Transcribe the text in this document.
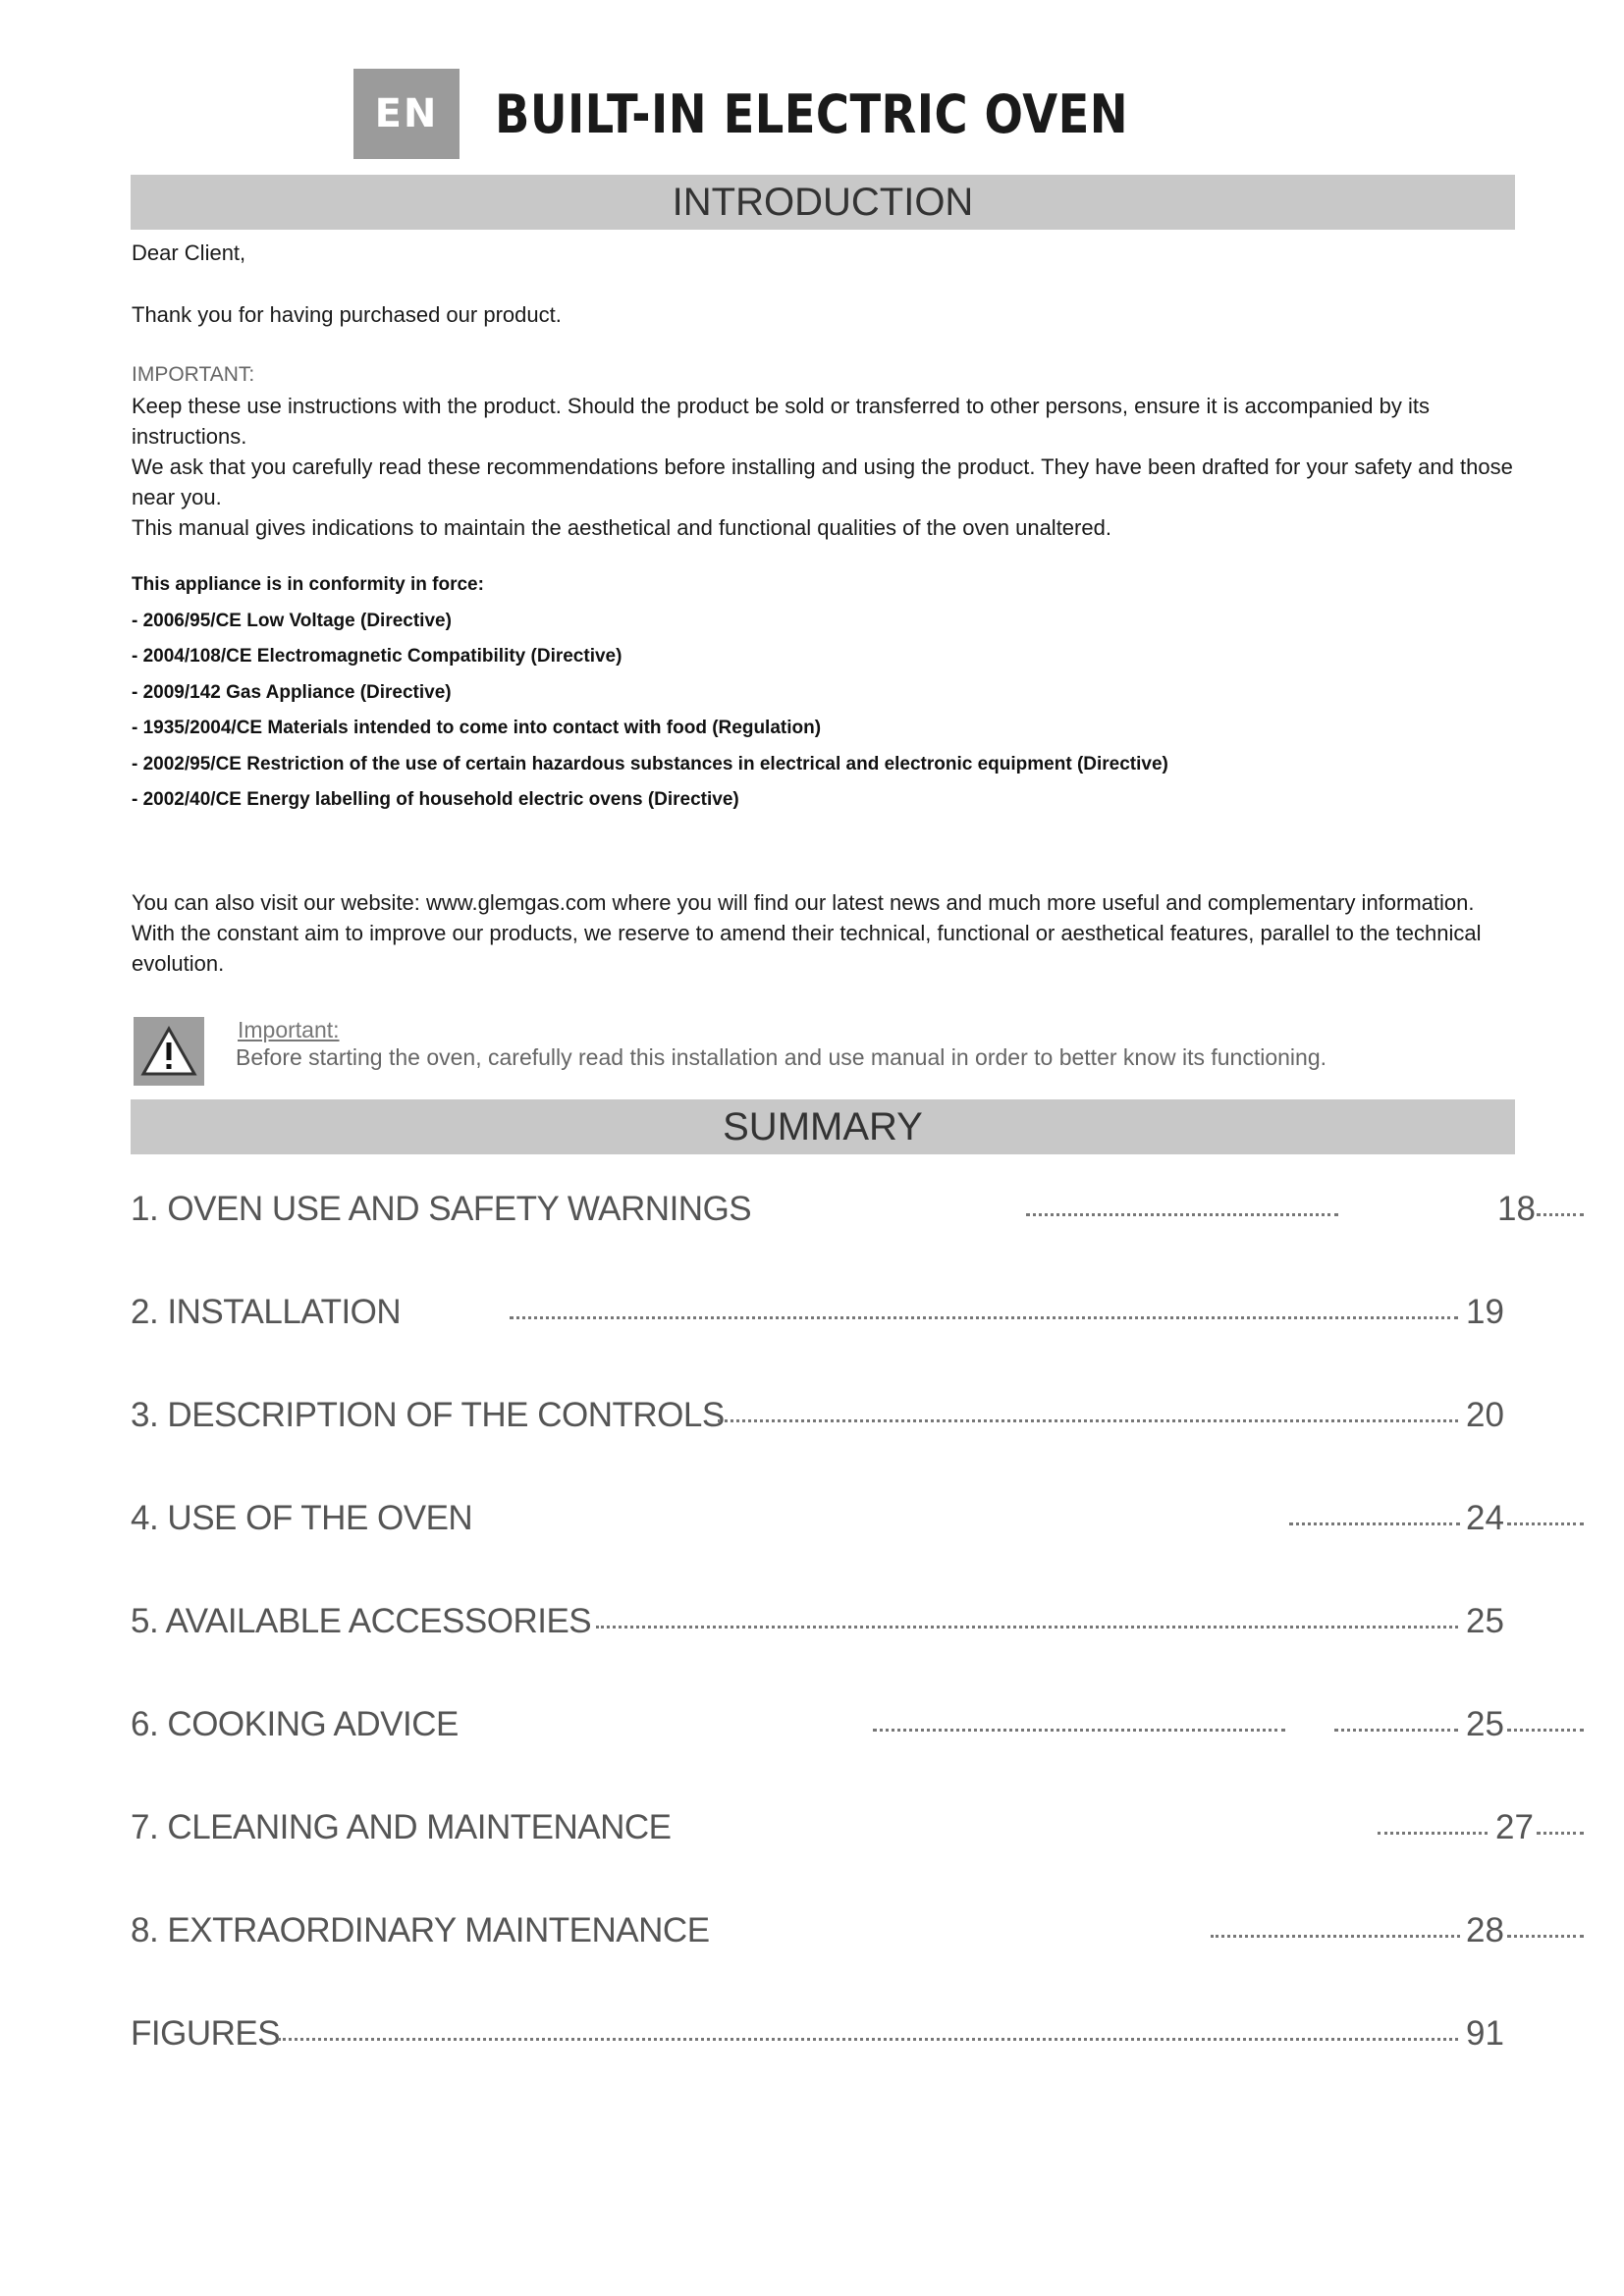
EN	BUILT-IN ELECTRIC OVEN
INTRODUCTION

Dear Client,

Thank you for having purchased our product.

IMPORTANT:

Keep these use instructions with the product. Should the product be sold or transferred to other persons, ensure it is accompanied by its instructions.

We ask that you carefully read these recommendations before installing and using the product. They have been drafted for your safety and those near you.

This manual gives indications to maintain the aesthetical and functional qualities of the oven unaltered.

This appliance is in conformity in force:
- 2006/95/CE Low Voltage (Directive)
- 2004/108/CE Electromagnetic Compatibility (Directive)
- 2009/142 Gas Appliance (Directive)
- 1935/2004/CE Materials intended to come into contact with food (Regulation)
- 2002/95/CE Restriction of the use of certain hazardous substances in electrical and electronic equipment (Directive)
- 2002/40/CE Energy labelling of household electric ovens (Directive)

You can also visit our website: www.glemgas.com where you will find our latest news and much more useful and complementary information. With the constant aim to improve our products, we reserve to amend their technical, functional or aesthetical features, parallel to the technical evolution.

Important:
Before starting the oven, carefully read this installation and use manual in order to better know its functioning.
SUMMARY
1. OVEN USE AND SAFETY WARNINGS	18
2. INSTALLATION	19
3. DESCRIPTION OF THE CONTROLS	20
4. USE OF THE OVEN	24
5. AVAILABLE ACCESSORIES	25
6. COOKING ADVICE	25
7. CLEANING AND MAINTENANCE	27
8. EXTRAORDINARY MAINTENANCE	28
FIGURES	91
